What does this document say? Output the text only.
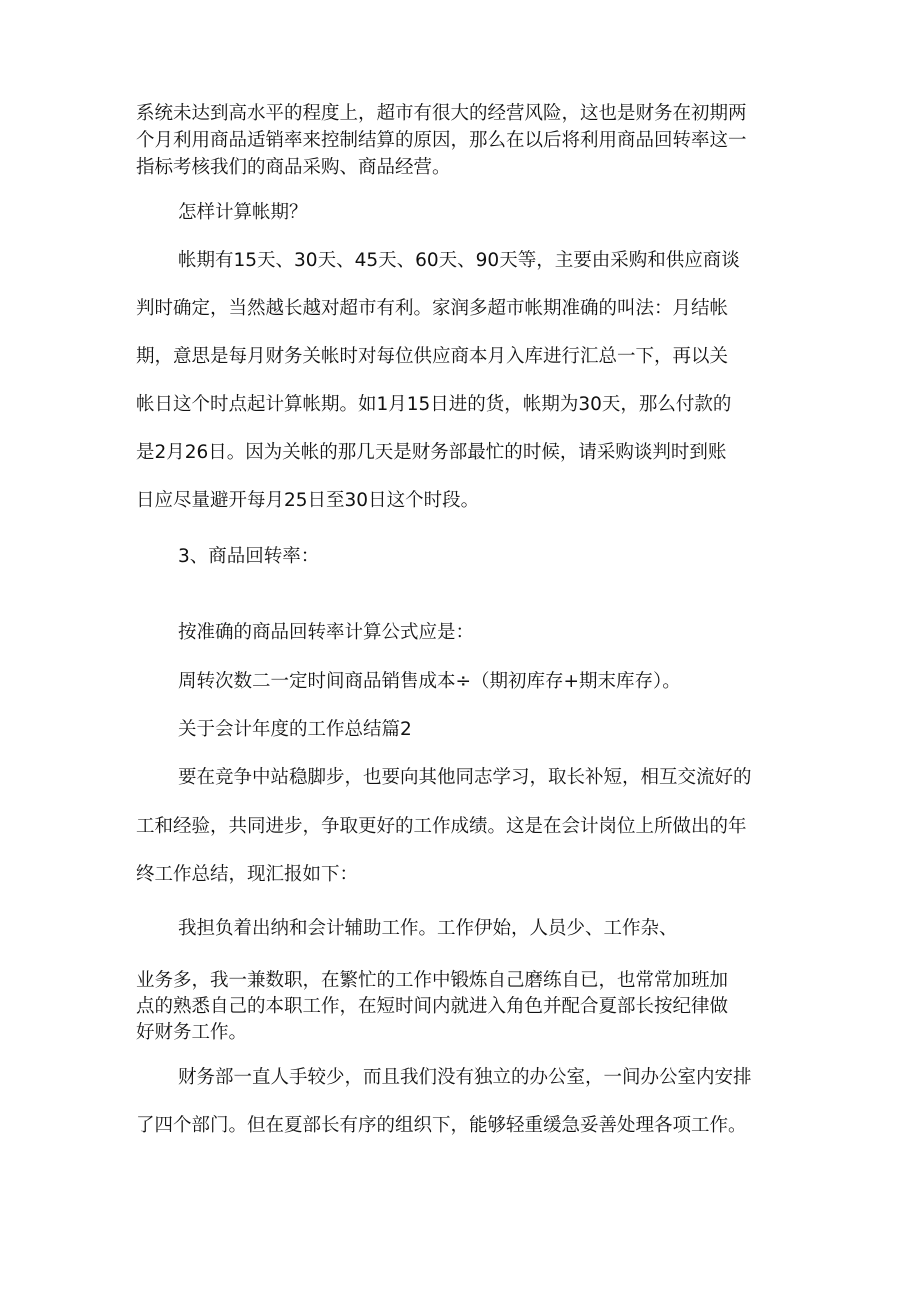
系统未达到高水平的程度上，超市有很大的经营风险，这也是财务在初期两
个月利用商品适销率来控制结算的原因，那么在以后将利用商品回转率这一
指标考核我们的商品采购、商品经营。
怎样计算帐期？
帐期有15天、30天、45天、60天、90天等，主要由采购和供应商谈
判时确定，当然越长越对超市有利。家润多超市帐期准确的叫法：月结帐
期，意思是每月财务关帐时对每位供应商本月入库进行汇总一下，再以关
帐日这个时点起计算帐期。如1月15日进的货，帐期为30天，那么付款的
是2月26日。因为关帐的那几天是财务部最忙的时候，请采购谈判时到账
日应尽量避开每月25日至30日这个时段。
3、商品回转率：
按准确的商品回转率计算公式应是：
周转次数二一定时间商品销售成本÷（期初库存+期末库存）。
关于会计年度的工作总结篇2
要在竞争中站稳脚步，也要向其他同志学习，取长补短，相互交流好的
工和经验，共同进步，争取更好的工作成绩。这是在会计岗位上所做出的年
终工作总结，现汇报如下：
我担负着出纳和会计辅助工作。工作伊始，人员少、工作杂、
业务多，我一兼数职，在繁忙的工作中锻炼自己磨练自已，也常常加班加
点的熟悉自己的本职工作，在短时间内就进入角色并配合夏部长按纪律做
好财务工作。
财务部一直人手较少，而且我们没有独立的办公室，一间办公室内安排
了四个部门。但在夏部长有序的组织下，能够轻重缓急妥善处理各项工作。
